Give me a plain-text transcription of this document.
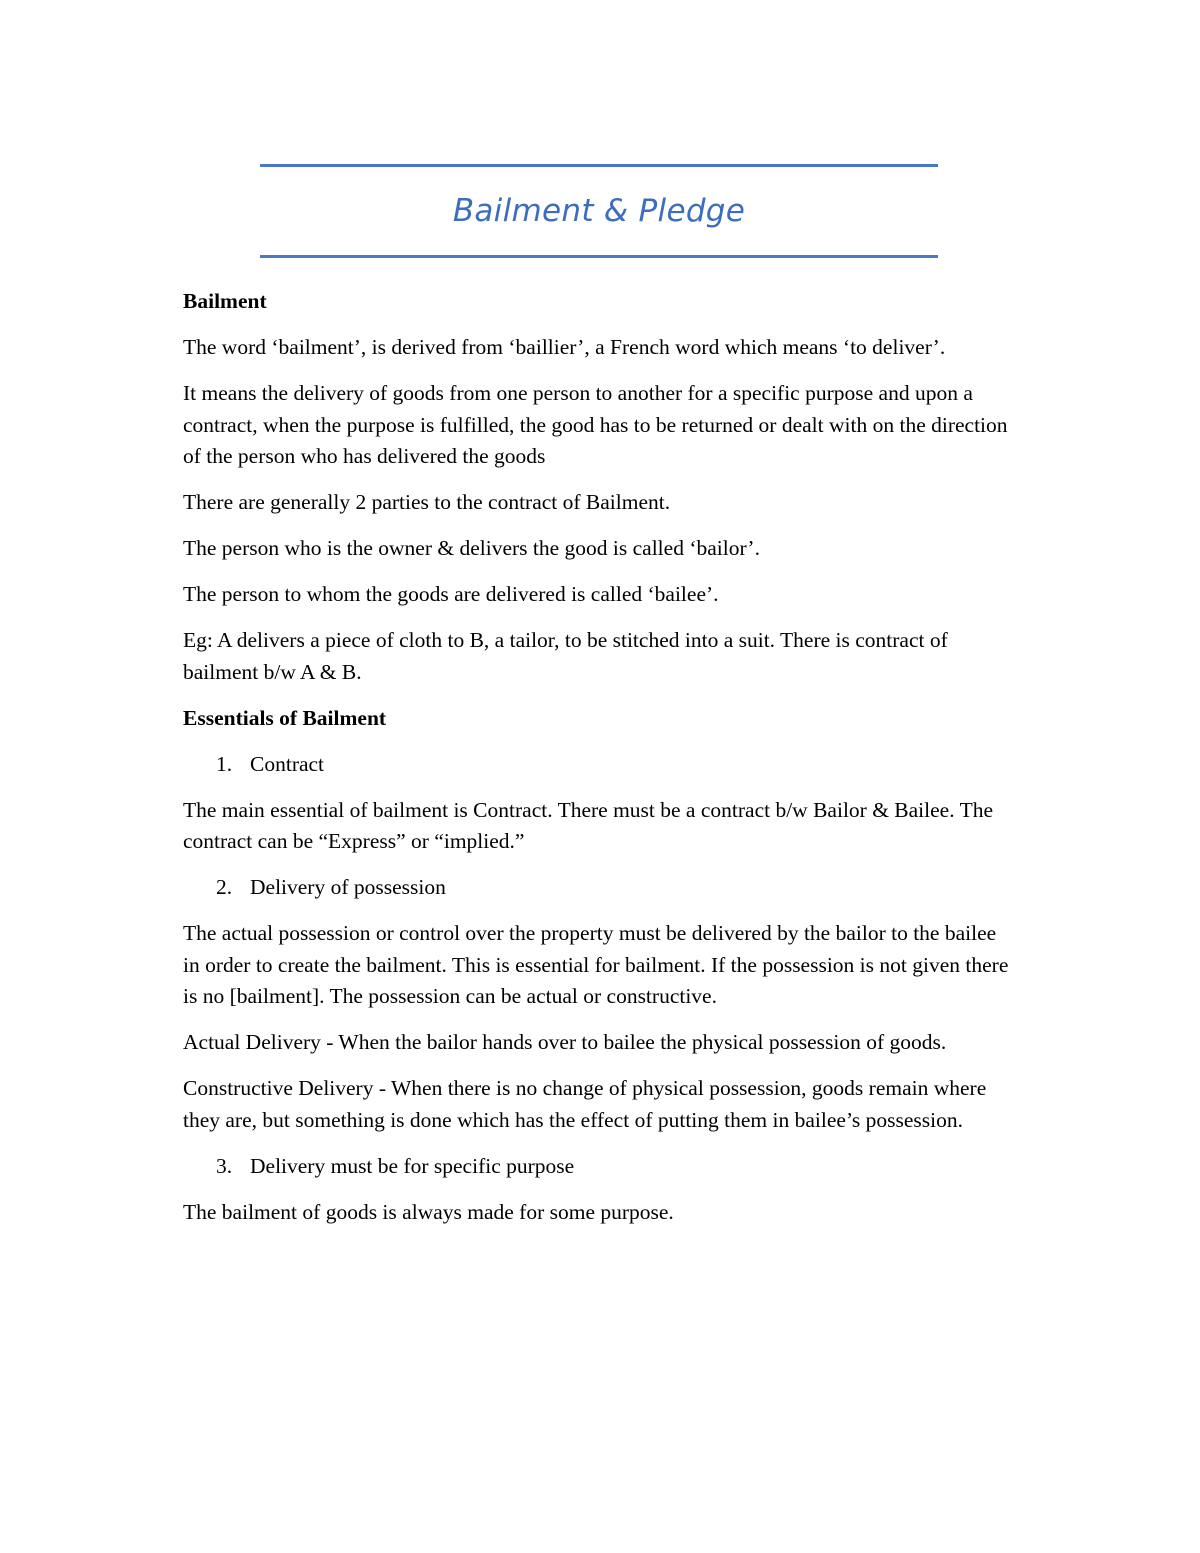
Bailment & Pledge

Bailment

The word ‘bailment’, is derived from ‘baillier’, a French word which means ‘to deliver’.

It means the delivery of goods from one person to another for a specific purpose and upon a contract, when the purpose is fulfilled, the good has to be returned or dealt with on the direction of the person who has delivered the goods

There are generally 2 parties to the contract of Bailment.

The person who is the owner & delivers the good is called ‘bailor’.

The person to whom the goods are delivered is called ‘bailee’.

Eg: A delivers a piece of cloth to B, a tailor, to be stitched into a suit. There is contract of bailment b/w A & B.

Essentials of Bailment

1. Contract

The main essential of bailment is Contract. There must be a contract b/w Bailor & Bailee. The contract can be “Express” or “implied.”

2. Delivery of possession

The actual possession or control over the property must be delivered by the bailor to the bailee in order to create the bailment. This is essential for bailment. If the possession is not given there is no [bailment]. The possession can be actual or constructive.

Actual Delivery - When the bailor hands over to bailee the physical possession of goods.

Constructive Delivery - When there is no change of physical possession, goods remain where they are, but something is done which has the effect of putting them in bailee’s possession.

3. Delivery must be for specific purpose

The bailment of goods is always made for some purpose.
